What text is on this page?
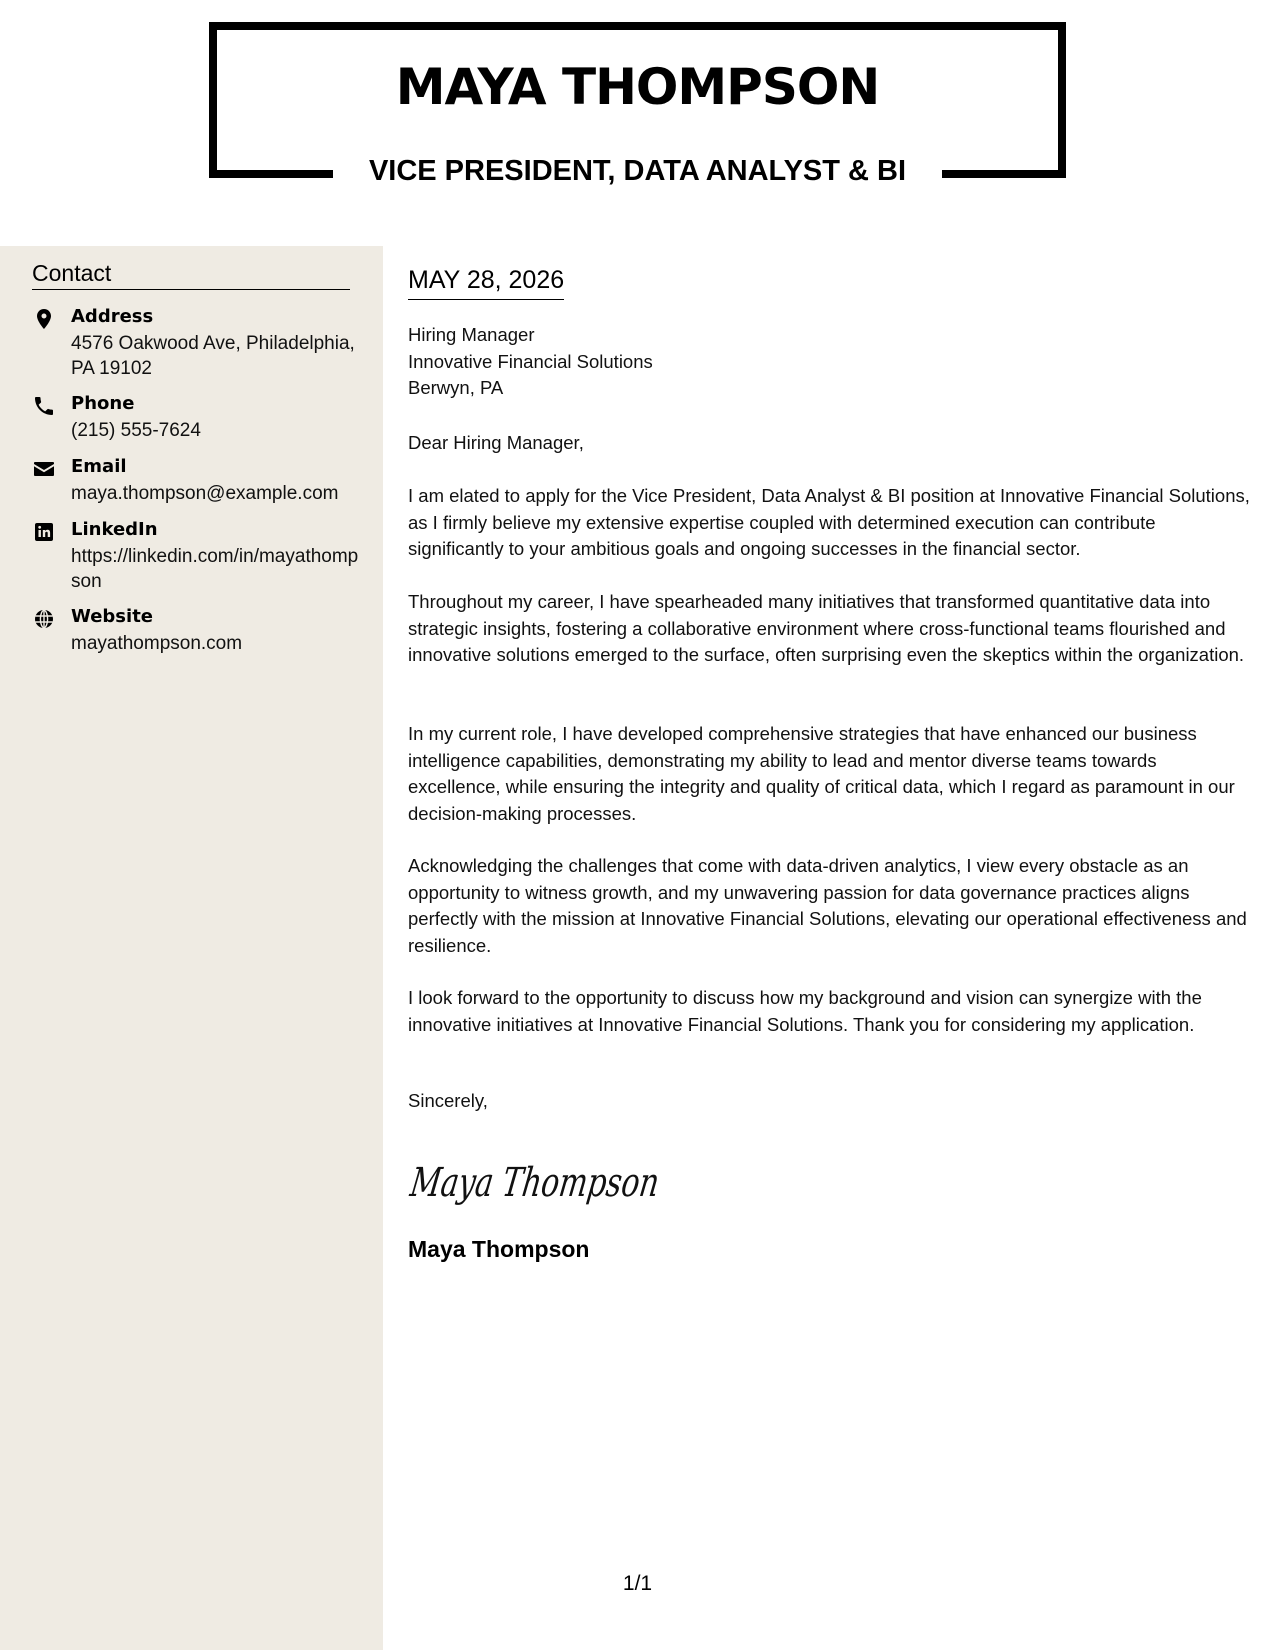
MAYA THOMPSON
VICE PRESIDENT, DATA ANALYST & BI
Contact
Address
4576 Oakwood Ave, Philadelphia, PA 19102
Phone
(215) 555-7624
Email
maya.thompson@example.com
LinkedIn
https://linkedin.com/in/mayathompson
Website
mayathompson.com
MAY 28, 2026
Hiring Manager
Innovative Financial Solutions
Berwyn, PA
Dear Hiring Manager,
I am elated to apply for the Vice President, Data Analyst & BI position at Innovative Financial Solutions, as I firmly believe my extensive expertise coupled with determined execution can contribute significantly to your ambitious goals and ongoing successes in the financial sector.
Throughout my career, I have spearheaded many initiatives that transformed quantitative data into strategic insights, fostering a collaborative environment where cross-functional teams flourished and innovative solutions emerged to the surface, often surprising even the skeptics within the organization.
In my current role, I have developed comprehensive strategies that have enhanced our business intelligence capabilities, demonstrating my ability to lead and mentor diverse teams towards excellence, while ensuring the integrity and quality of critical data, which I regard as paramount in our decision-making processes.
Acknowledging the challenges that come with data-driven analytics, I view every obstacle as an opportunity to witness growth, and my unwavering passion for data governance practices aligns perfectly with the mission at Innovative Financial Solutions, elevating our operational effectiveness and resilience.
I look forward to the opportunity to discuss how my background and vision can synergize with the innovative initiatives at Innovative Financial Solutions. Thank you for considering my application.
Sincerely,
Maya Thompson
Maya Thompson
1/1
